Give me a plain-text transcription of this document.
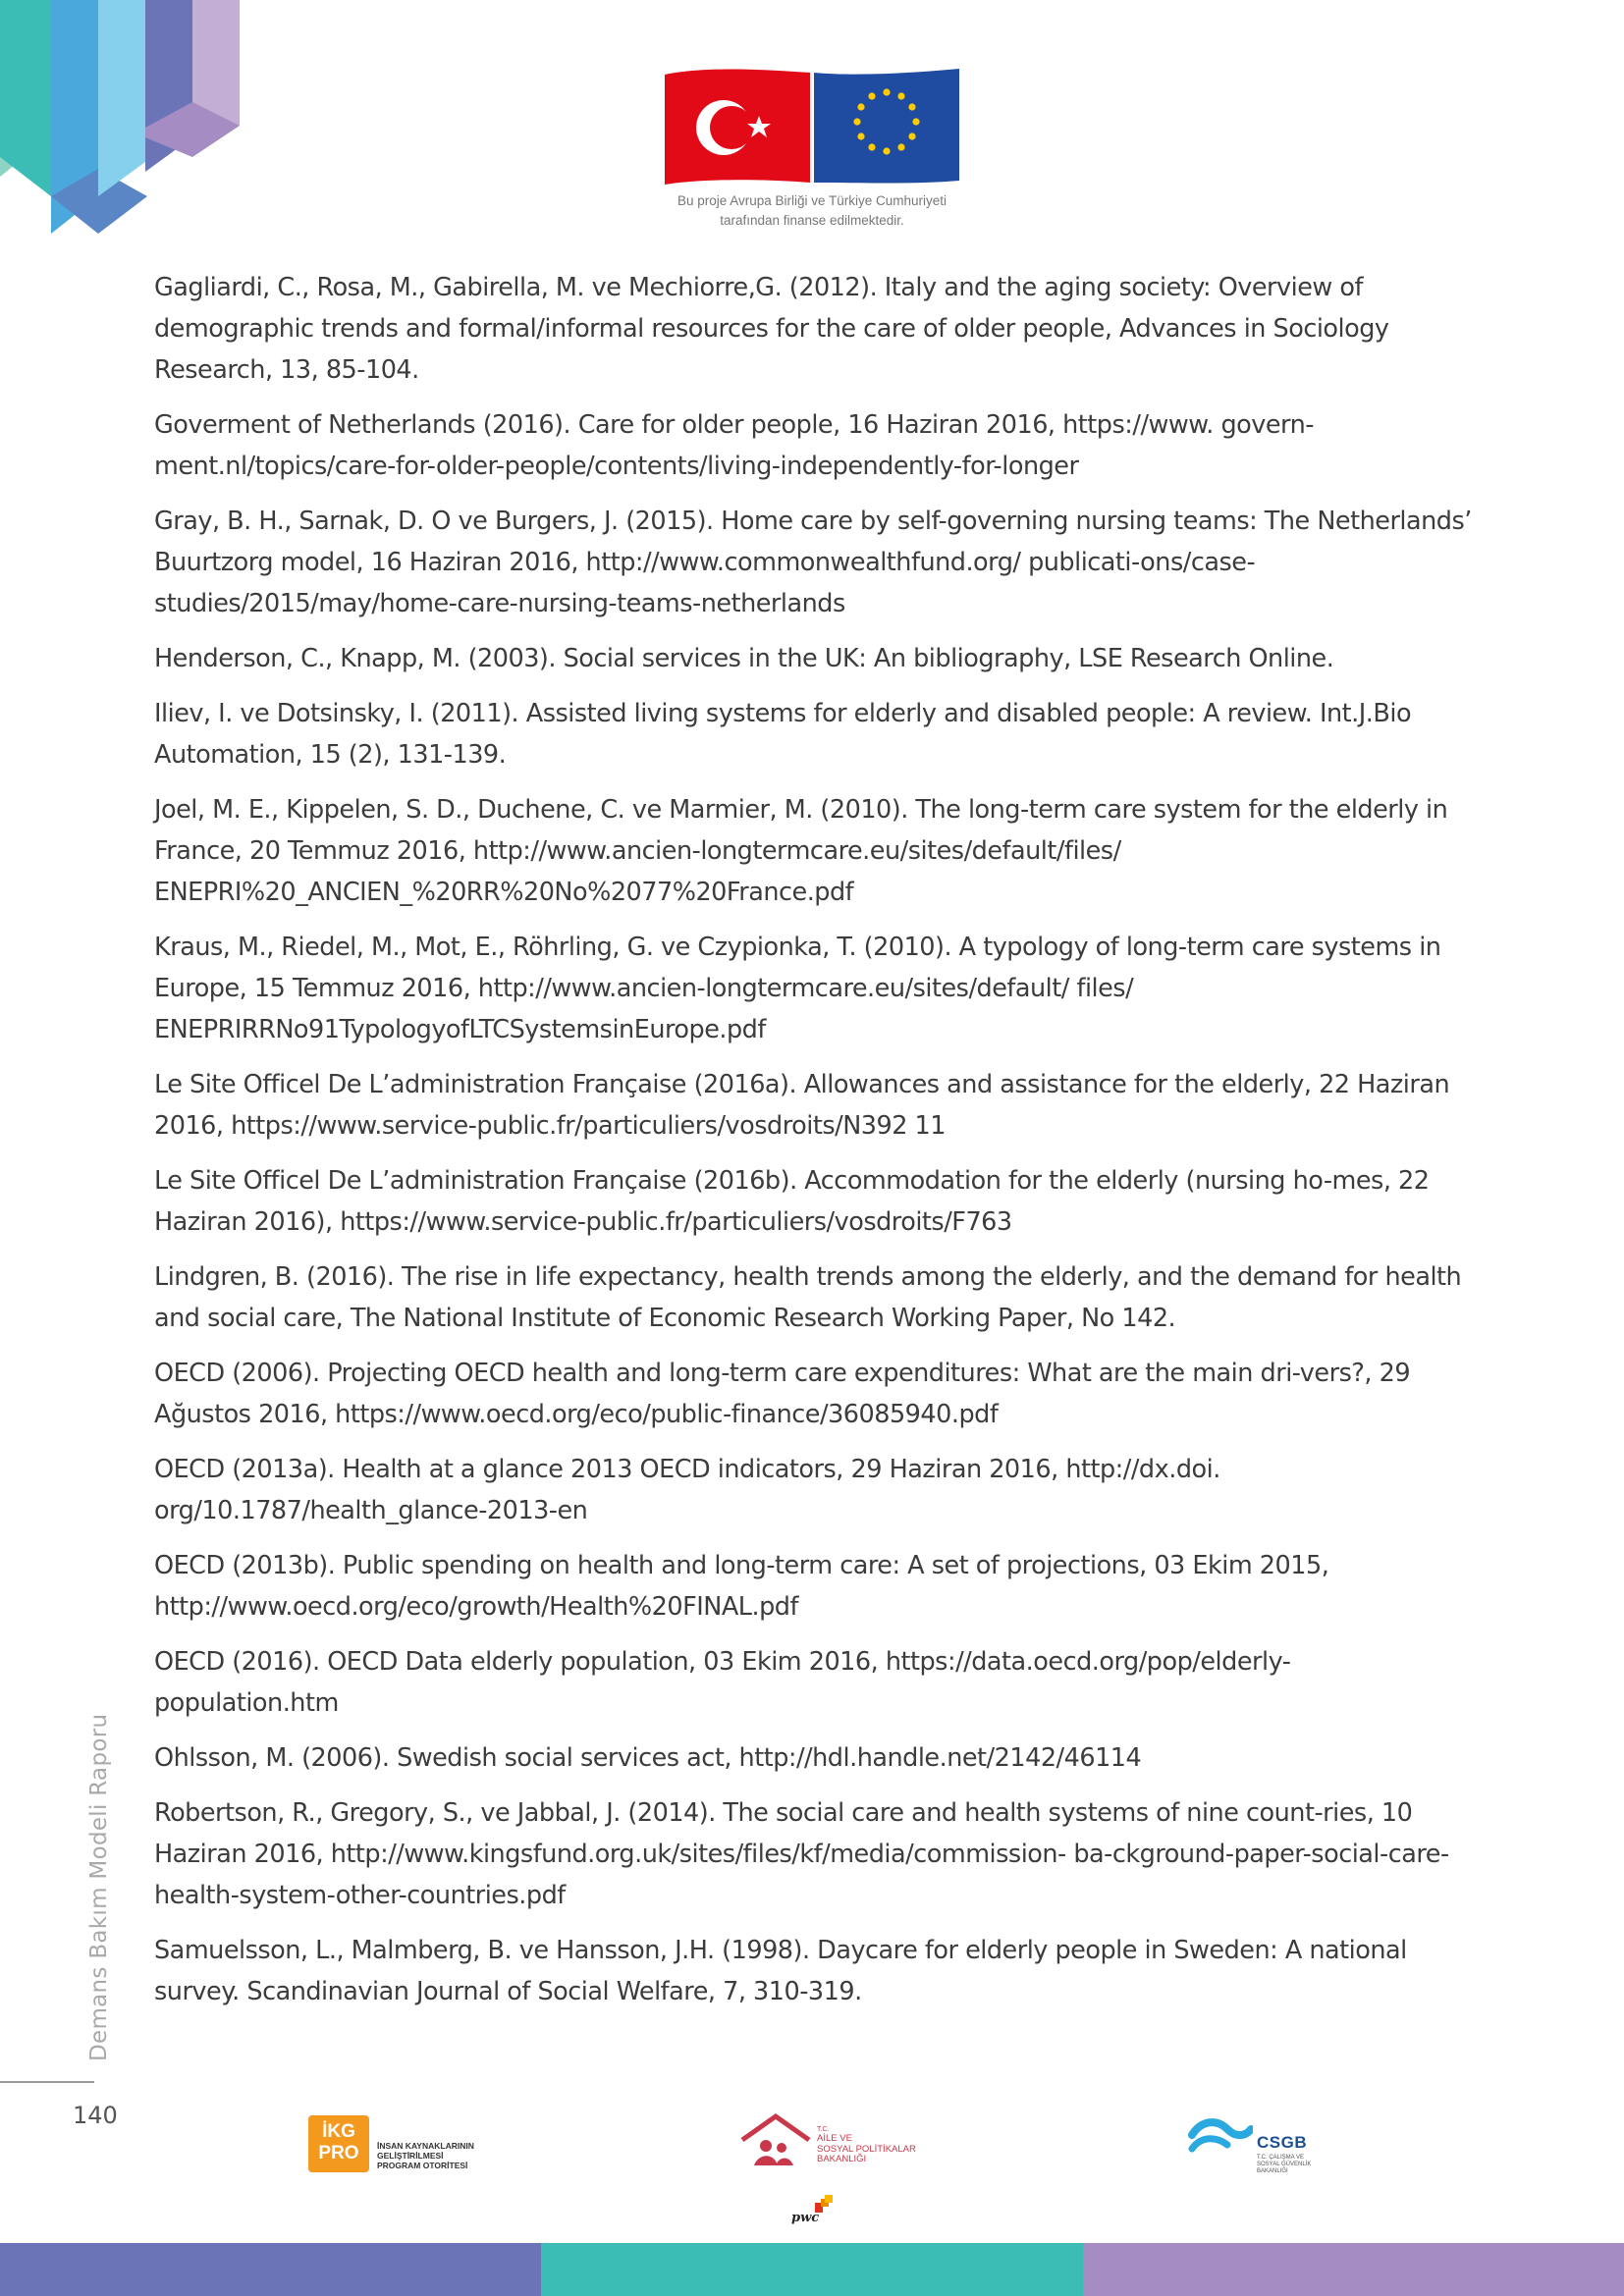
Bu proje Avrupa Birliği ve Türkiye Cumhuriyeti
tarafından finanse edilmektedir.

Gagliardi, C., Rosa, M., Gabirella, M. ve Mechiorre,G. (2012). Italy and the aging society: Overview of demographic trends and formal/informal resources for the care of older people, Advances in Sociology Research, 13, 85-104.

Goverment of Netherlands (2016). Care for older people, 16 Haziran 2016, https://www. govern-ment.nl/topics/care-for-older-people/contents/living-independently-for-longer

Gray, B. H., Sarnak, D. O ve Burgers, J. (2015). Home care by self-governing nursing teams: The Netherlands’ Buurtzorg model, 16 Haziran 2016, http://www.commonwealthfund.org/ publicati-ons/case-studies/2015/may/home-care-nursing-teams-netherlands

Henderson, C., Knapp, M. (2003). Social services in the UK: An bibliography, LSE Research Online.

Iliev, I. ve Dotsinsky, I. (2011). Assisted living systems for elderly and disabled people: A review. Int.J.Bio Automation, 15 (2), 131-139.

Joel, M. E., Kippelen, S. D., Duchene, C. ve Marmier, M. (2010). The long-term care system for the elderly in France, 20 Temmuz 2016, http://www.ancien-longtermcare.eu/sites/default/files/ ENEPRI%20_ANCIEN_%20RR%20No%2077%20France.pdf

Kraus, M., Riedel, M., Mot, E., Röhrling, G. ve Czypionka, T. (2010). A typology of long-term care systems in Europe, 15 Temmuz 2016, http://www.ancien-longtermcare.eu/sites/default/ files/ ENEPRIRRNo91TypologyofLTCSystemsinEurope.pdf

Le Site Officel De L’administration Française (2016a). Allowances and assistance for the elderly, 22 Haziran 2016, https://www.service-public.fr/particuliers/vosdroits/N392 11

Le Site Officel De L’administration Française (2016b). Accommodation for the elderly (nursing ho-mes, 22 Haziran 2016), https://www.service-public.fr/particuliers/vosdroits/F763

Lindgren, B. (2016). The rise in life expectancy, health trends among the elderly, and the demand for health and social care, The National Institute of Economic Research Working Paper, No 142.

OECD (2006). Projecting OECD health and long-term care expenditures: What are the main dri-vers?, 29 Ağustos 2016, https://www.oecd.org/eco/public-finance/36085940.pdf

OECD (2013a). Health at a glance 2013 OECD indicators, 29 Haziran 2016, http://dx.doi. org/10.1787/health_glance-2013-en

OECD (2013b). Public spending on health and long-term care: A set of projections, 03 Ekim 2015, http://www.oecd.org/eco/growth/Health%20FINAL.pdf

OECD (2016). OECD Data elderly population, 03 Ekim 2016, https://data.oecd.org/pop/elderly-population.htm

Ohlsson, M. (2006). Swedish social services act, http://hdl.handle.net/2142/46114

Robertson, R., Gregory, S., ve Jabbal, J. (2014). The social care and health systems of nine count-ries, 10 Haziran 2016, http://www.kingsfund.org.uk/sites/files/kf/media/commission- ba-ckground-paper-social-care-health-system-other-countries.pdf

Samuelsson, L., Malmberg, B. ve Hansson, J.H. (1998). Daycare for elderly people in Sweden: A national survey. Scandinavian Journal of Social Welfare, 7, 310-319.

Demans Bakım Modeli Raporu
140
İKG
PRO	İNSAN KAYNAKLARININ
GELİŞTİRİLMESİ
PROGRAM OTORİTESİ
T.C.
AİLE VE
SOSYAL POLİTİKALAR
BAKANLIĞI
pwc
CSGB
T.C. ÇALIŞMA VE
SOSYAL GÜVENLİK
BAKANLIĞI
